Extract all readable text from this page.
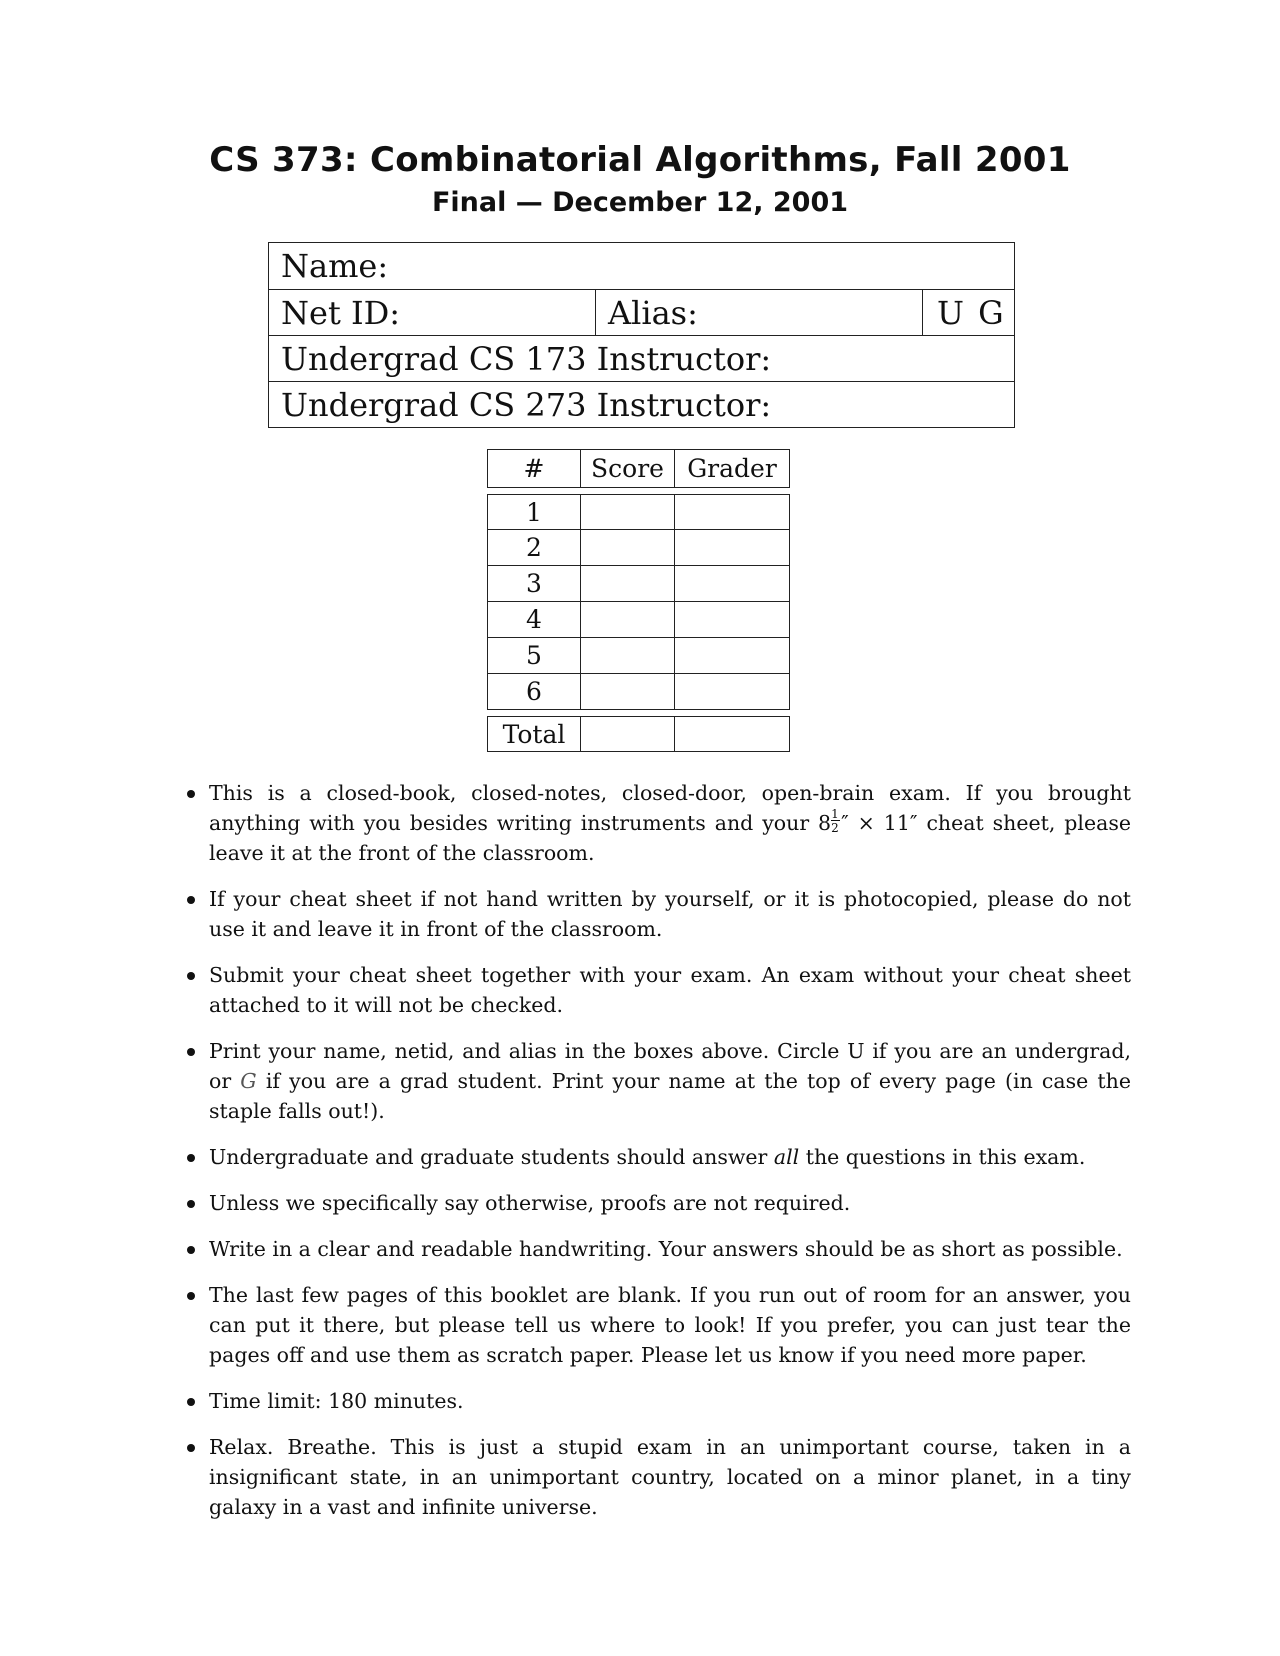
CS 373: Combinatorial Algorithms, Fall 2001
Final — December 12, 2001
Name:
Net ID:	Alias:	U G
Undergrad CS 173 Instructor:
Undergrad CS 273 Instructor:
#	Score	Grader

1		
2		
3		
4		
5		
6		

Total		
This is a closed-book, closed-notes, closed-door, open-brain exam. If you brought anything with you besides writing instruments and your 8 1
2 ″ × 11″ cheat sheet, please leave it at the front of the classroom.
If your cheat sheet if not hand written by yourself, or it is photocopied, please do not use it and leave it in front of the classroom.
Submit your cheat sheet together with your exam. An exam without your cheat sheet attached to it will not be checked.
Print your name, netid, and alias in the boxes above. Circle U if you are an undergrad, or G if you are a grad student. Print your name at the top of every page (in case the staple falls out!).
Undergraduate and graduate students should answer all the questions in this exam.
Unless we specifically say otherwise, proofs are not required.
Write in a clear and readable handwriting. Your answers should be as short as possible.
The last few pages of this booklet are blank. If you run out of room for an answer, you can put it there, but please tell us where to look! If you prefer, you can just tear the pages off and use them as scratch paper. Please let us know if you need more paper.
Time limit: 180 minutes.
Relax. Breathe. This is just a stupid exam in an unimportant course, taken in a insignificant state, in an unimportant country, located on a minor planet, in a tiny galaxy in a vast and infinite universe.
